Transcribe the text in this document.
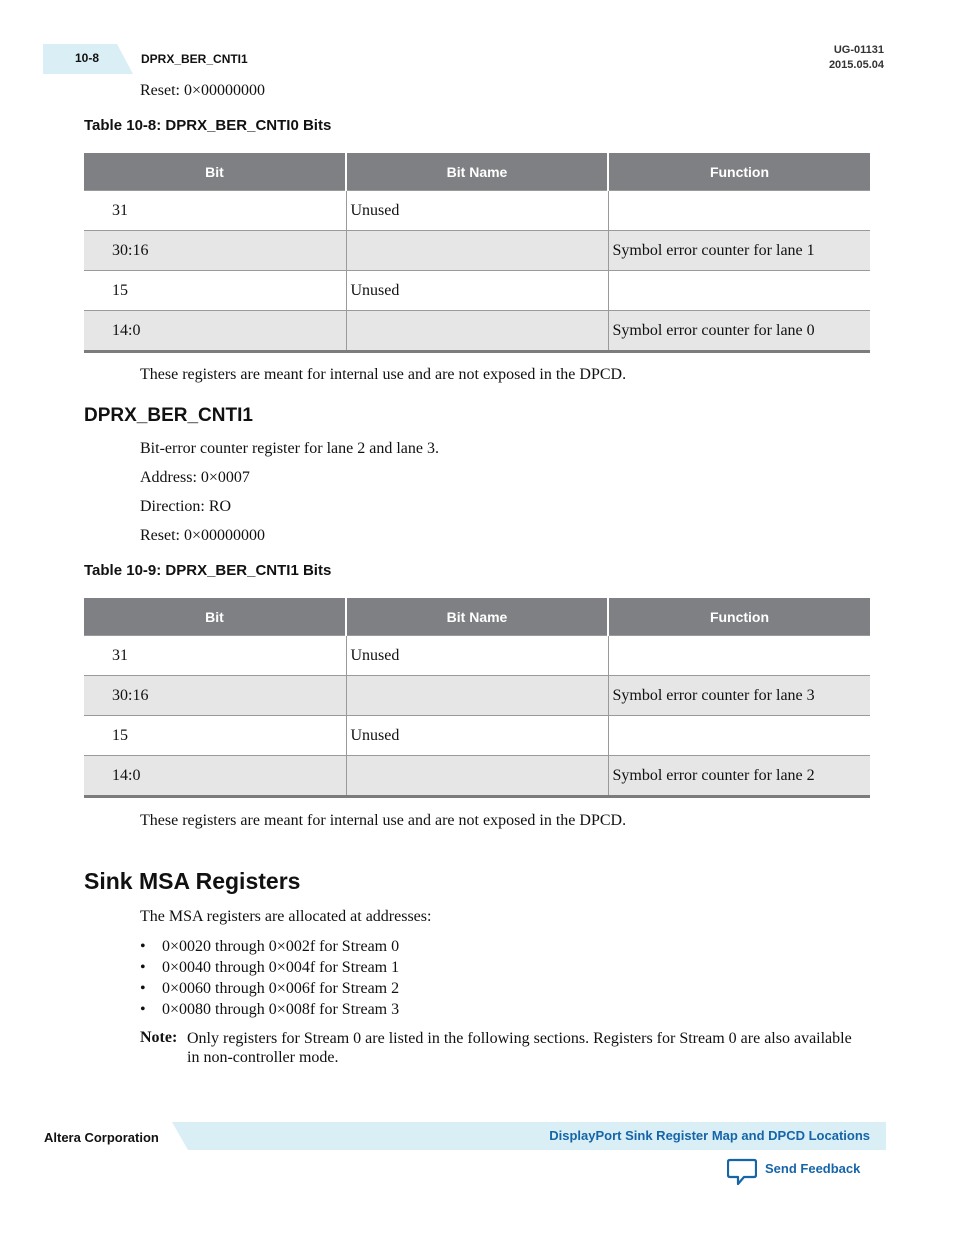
10-8	DPRX_BER_CNTI1
UG-01131
2015.05.04
Reset: 0×00000000
Table 10-8: DPRX_BER_CNTI0 Bits
Bit	Bit Name	Function
31	Unused	
30:16		Symbol error counter for lane 1
15	Unused	
14:0		Symbol error counter for lane 0
These registers are meant for internal use and are not exposed in the DPCD.
DPRX_BER_CNTI1
Bit-error counter register for lane 2 and lane 3.
Address: 0×0007
Direction: RO
Reset: 0×00000000
Table 10-9: DPRX_BER_CNTI1 Bits
Bit	Bit Name	Function
31	Unused	
30:16		Symbol error counter for lane 3
15	Unused	
14:0		Symbol error counter for lane 2
These registers are meant for internal use and are not exposed in the DPCD.
Sink MSA Registers
The MSA registers are allocated at addresses:
• 0×0020 through 0×002f for Stream 0
• 0×0040 through 0×004f for Stream 1
• 0×0060 through 0×006f for Stream 2
• 0×0080 through 0×008f for Stream 3
Note: Only registers for Stream 0 are listed in the following sections. Registers for Stream 0 are also available in non-controller mode.
Altera Corporation	DisplayPort Sink Register Map and DPCD Locations
Send Feedback
